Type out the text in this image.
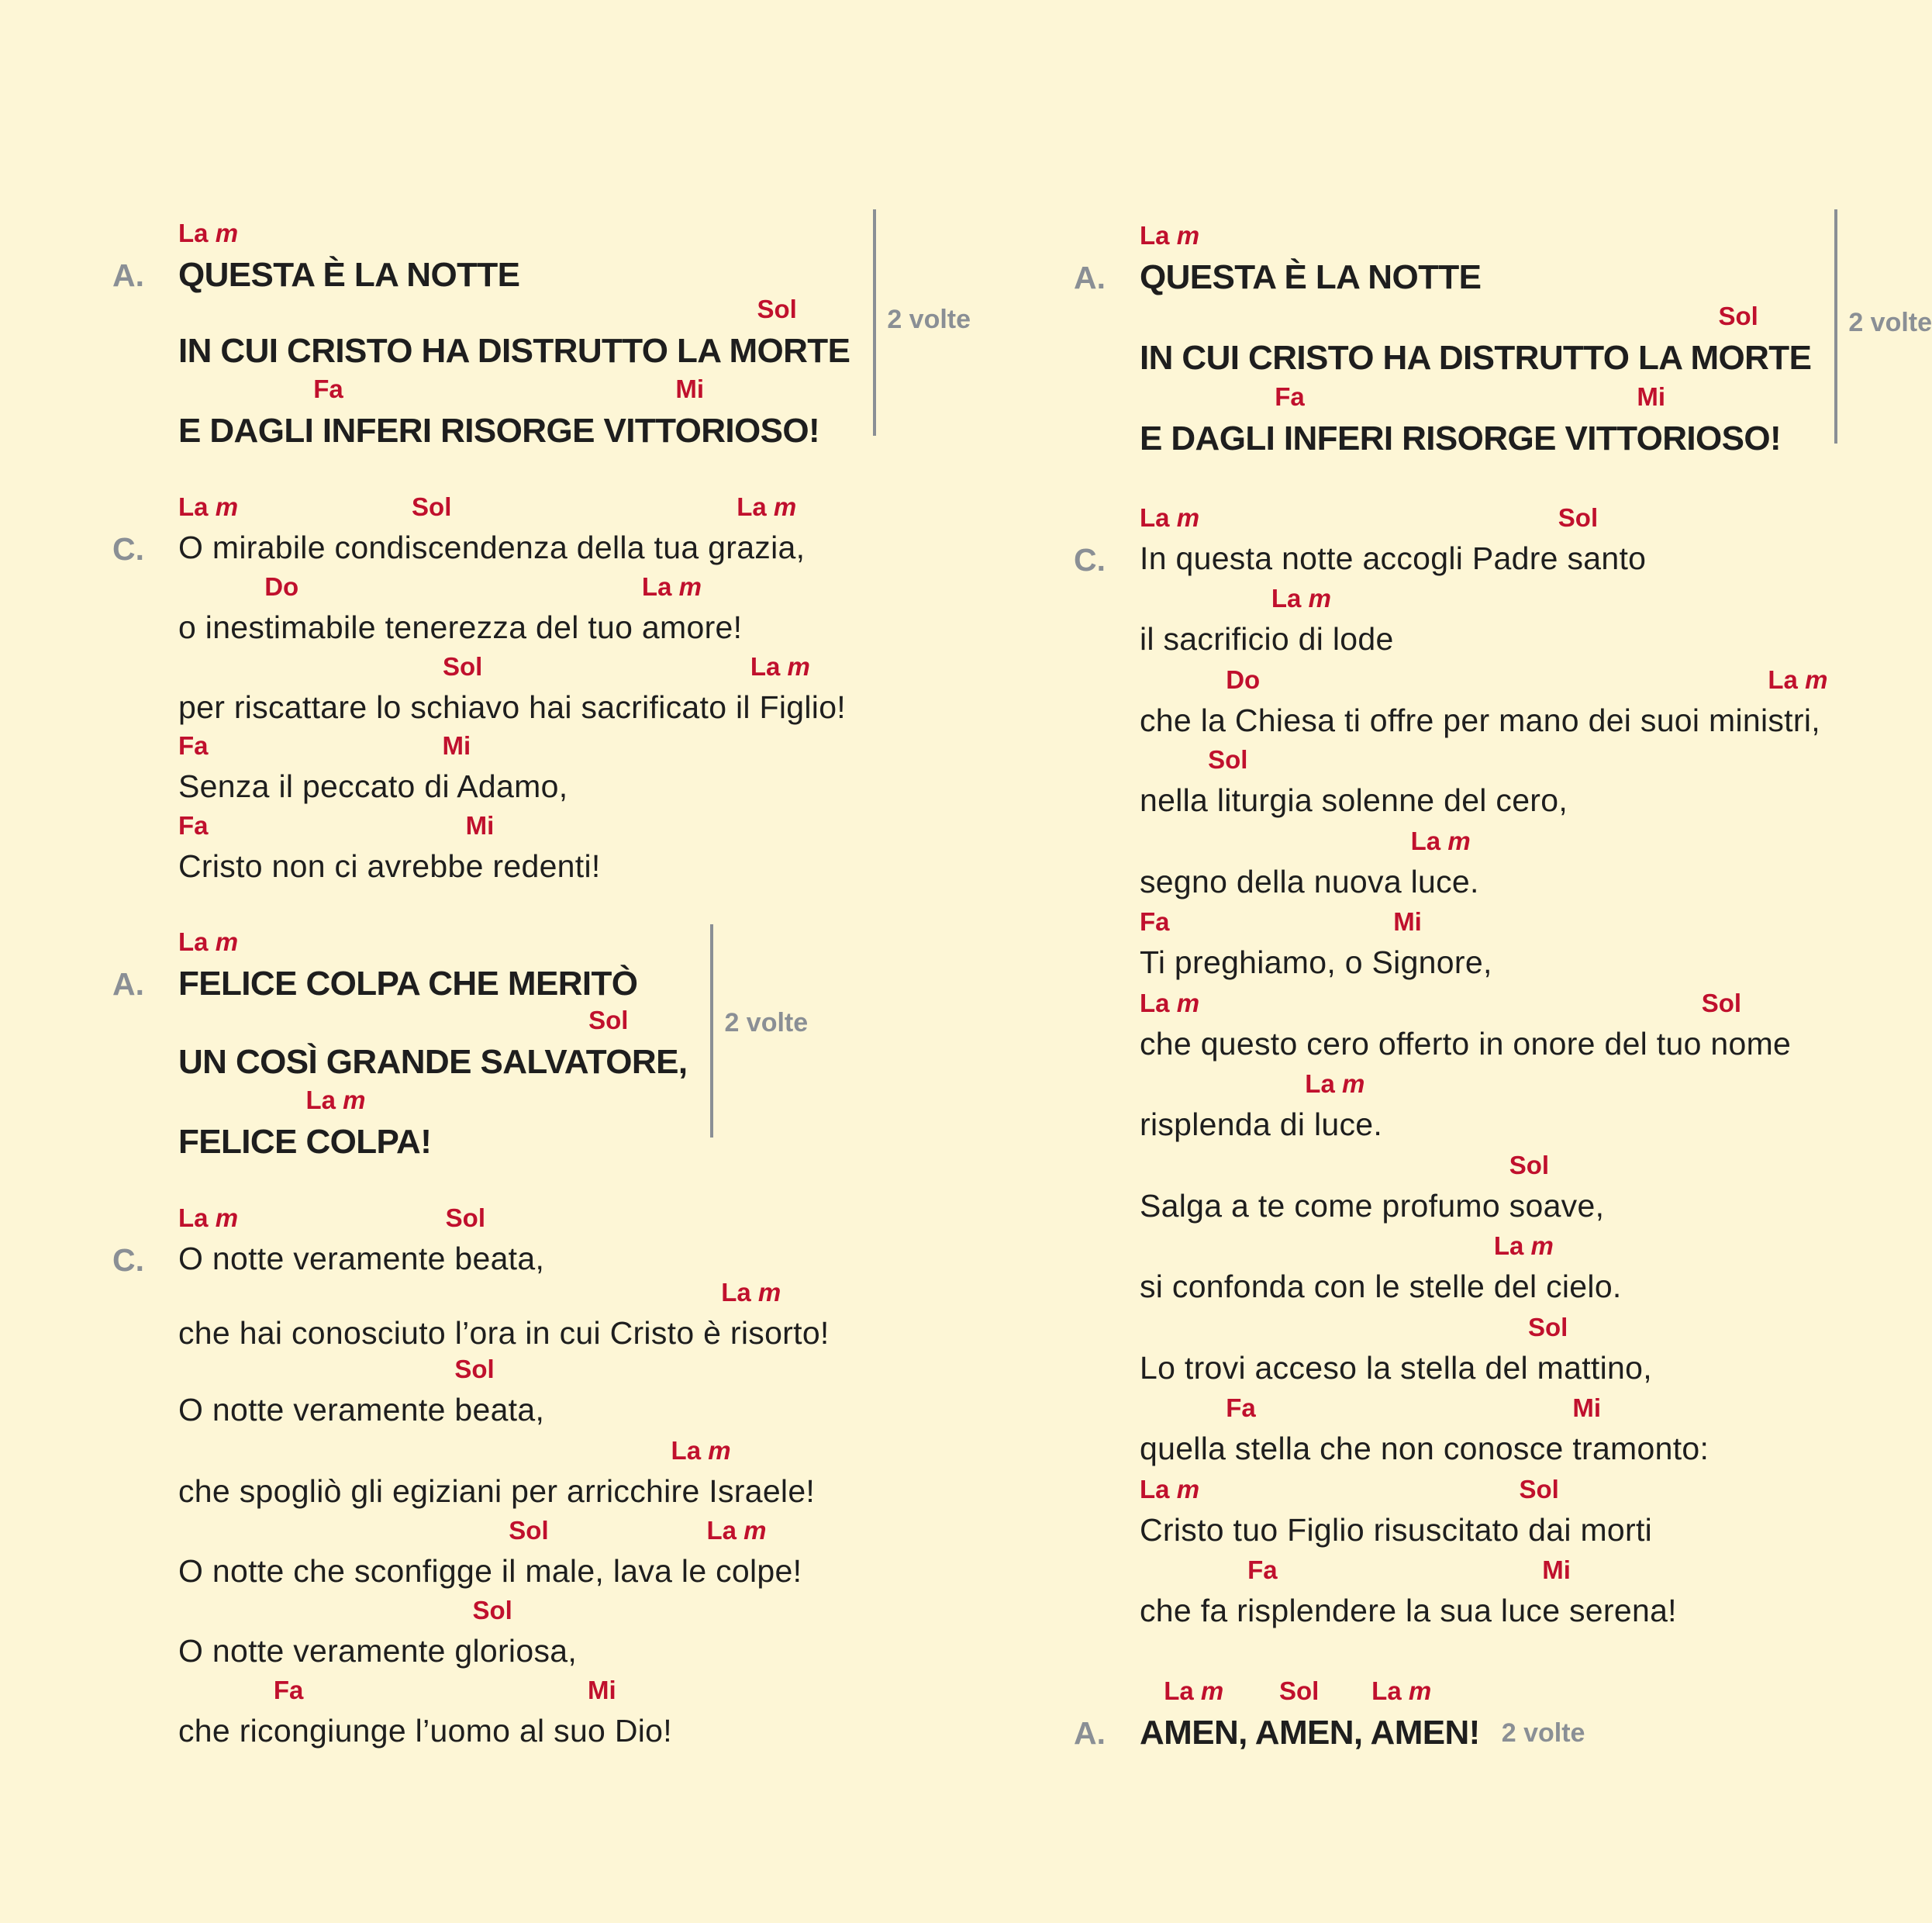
A. QUESTA È LA NOTTE
La m
IN CUI CRISTO HA DISTRUTTO LA MORTE
Sol
E DAGLI INFERI RISORGE VITTORIOSO!
Fa	Mi
2 volte
C. O mirabile condiscendenza della tua grazia,
La m	Sol	La m
o inestimabile tenerezza del tuo amore!
Do	La m
per riscattare lo schiavo hai sacrificato il Figlio!
Sol	La m
Senza il peccato di Adamo,
Fa	Mi
Cristo non ci avrebbe redenti!
Fa	Mi
A. FELICE COLPA CHE MERITÒ
La m
UN COSÌ GRANDE SALVATORE,
Sol
FELICE COLPA!
La m
2 volte
C. O notte veramente beata,
La m	Sol
che hai conosciuto l’ora in cui Cristo è risorto!
La m
O notte veramente beata,
Sol
che spogliò gli egiziani per arricchire Israele!
La m
O notte che sconfigge il male, lava le colpe!
Sol	La m
O notte veramente gloriosa,
Sol
che ricongiunge l’uomo al suo Dio!
Fa	Mi
A. QUESTA È LA NOTTE
La m
IN CUI CRISTO HA DISTRUTTO LA MORTE
Sol
E DAGLI INFERI RISORGE VITTORIOSO!
Fa	Mi
2 volte
C. In questa notte accogli Padre santo
La m	Sol
il sacrificio di lode
La m
che la Chiesa ti offre per mano dei suoi ministri,
Do	La m
nella liturgia solenne del cero,
Sol
segno della nuova luce.
La m
Ti preghiamo, o Signore,
Fa	Mi
che questo cero offerto in onore del tuo nome
La m	Sol
risplenda di luce.
La m
Salga a te come profumo soave,
Sol
si confonda con le stelle del cielo.
La m
Lo trovi acceso la stella del mattino,
Sol
quella stella che non conosce tramonto:
Fa	Mi
Cristo tuo Figlio risuscitato dai morti
La m	Sol
che fa risplendere la sua luce serena!
Fa	Mi
A. AMEN, AMEN, AMEN!
La m Sol La m
2 volte
